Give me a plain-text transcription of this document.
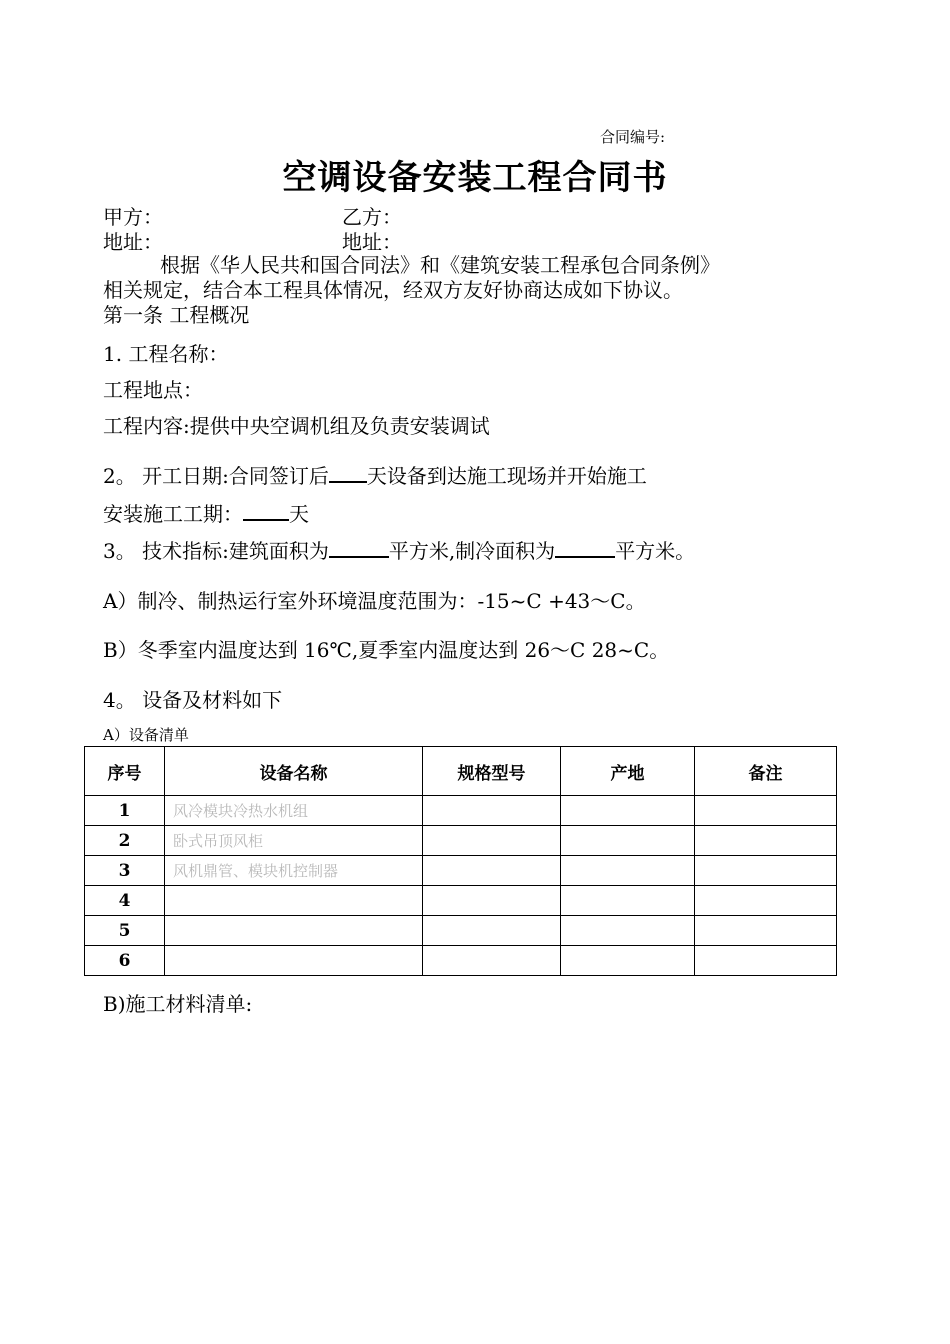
合同编号:
空调设备安装工程合同书
甲方：	乙方：
地址：	地址：
根据《华人民共和国合同法》和《建筑安装工程承包合同条例》
相关规定，结合本工程具体情况，经双方友好协商达成如下协议。
第一条 工程概况
1. 工程名称：
工程地点：
工程内容:提供中央空调机组及负责安装调试
2。 开工日期:合同签订后 天设备到达施工现场并开始施工
安装施工工期： 天
3。 技术指标:建筑面积为	平方米,制冷面积为	平方米。
A）制冷、制热运行室外环境温度范围为：-15~C +43～C。
B）冬季室内温度达到 16℃,夏季室内温度达到 26～C 28~C。
4。 设备及材料如下
A）设备清单
序号	设备名称	规格型号	产地	备注
1	风冷模块冷热水机组			
2	卧式吊顶风柜			
3	风机鼎管、模块机控制器			
4				
5				
6				
B)施工材料清单:
